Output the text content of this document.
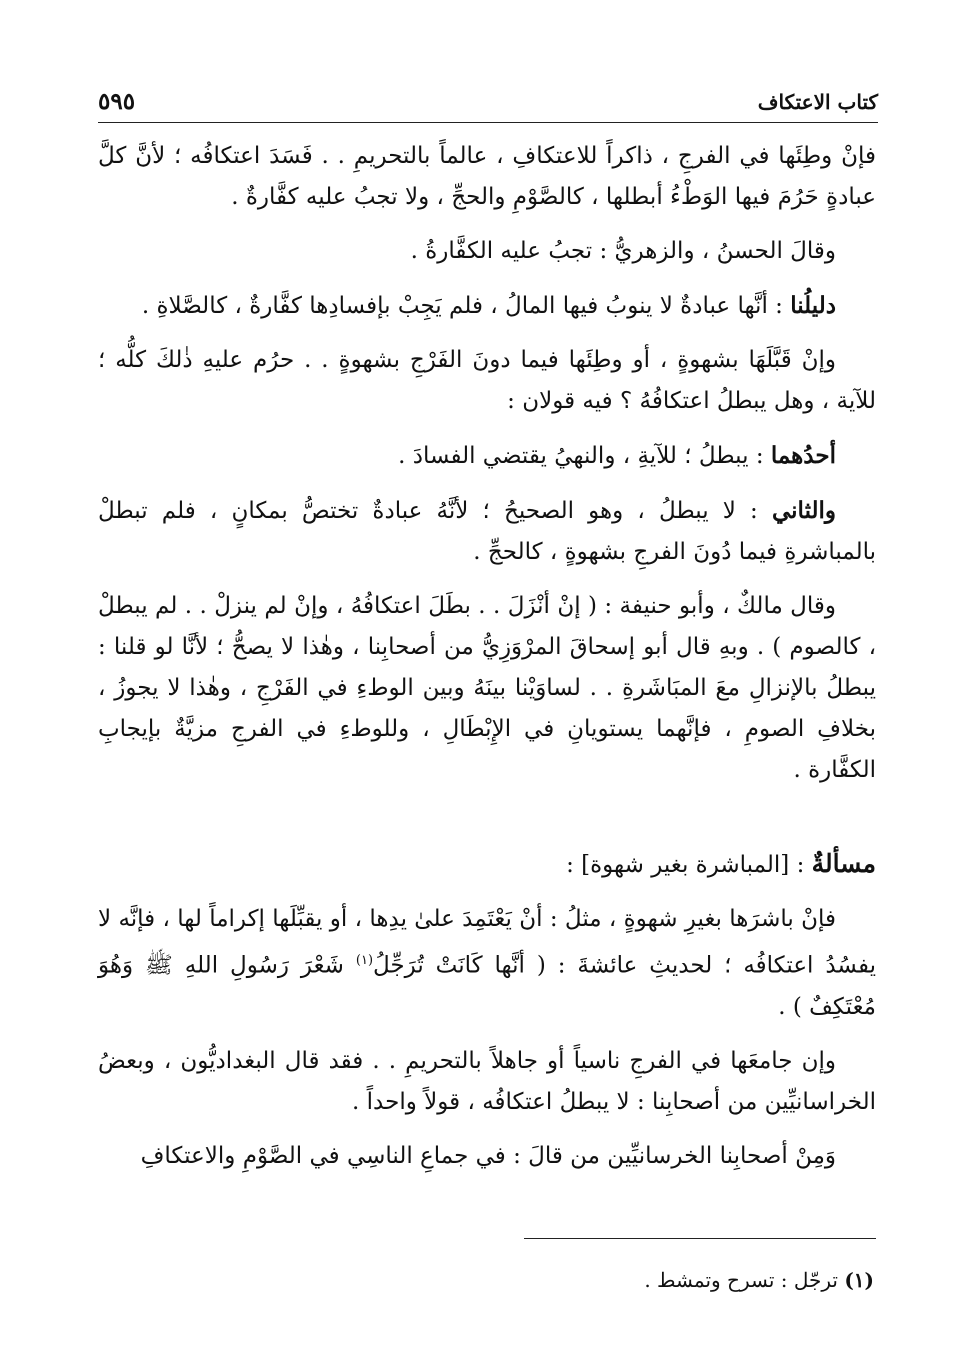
كتاب الاعتكاف
٥٩٥

فإنْ وطِئَها في الفرجِ ، ذاكراً للاعتكافِ ، عالماً بالتحريمِ . . فَسَدَ اعتكافُه ؛ لأنَّ كلَّ عبادةٍ حَرُمَ فيها الوَطْءُ أبطلها ، كالصَّوْمِ والحجِّ ، ولا تجبُ عليه كفَّارةٌ .

وقالَ الحسنُ ، والزهريُّ : تجبُ عليه الكفَّارةُ .

دليلُنا : أنَّها عبادةٌ لا ينوبُ فيها المالُ ، فلم يَجِبْ بإفسادِها كفَّارةٌ ، كالصَّلاةِ .

وإنْ قَبَّلَهَا بشهوةٍ ، أو وطِئَها فيما دونَ الفَرْجِ بشهوةٍ . . حرُم عليهِ ذٰلكَ كلُّه ؛ للآية ، وهل يبطلُ اعتكافُهُ ؟ فيه قولان :

أحدُهما : يبطلُ ؛ للآيةِ ، والنهيُ يقتضي الفسادَ .

والثاني : لا يبطلُ ، وهو الصحيحُ ؛ لأنَّهُ عبادةٌ تختصُّ بمكانٍ ، فلم تبطلْ بالمباشرةِ فيما دُونَ الفرجِ بشهوةٍ ، كالحجِّ .

وقال مالكٌ ، وأبو حنيفة : ( إنْ أنْزَلَ . . بطَلَ اعتكافُهُ ، وإنْ لم ينزلْ . . لم يبطلْ ، كالصوم ) . وبهِ قال أبو إسحاقَ المرْوَزِيُّ من أصحابِنا ، وهٰذا لا يصحُّ ؛ لأنَّا لو قلنا : يبطلُ بالإنزالِ معَ المبَاشَرةِ . . لساوَيْنا بينَهُ وبين الوطءِ في الفَرْجِ ، وهٰذا لا يجوزُ ، بخلافِ الصومِ ، فإنَّهما يستويانِ في الإِبْطَالِ ، وللوطءِ في الفرجِ مزيَّةٌ بإيجابِ الكفَّارة .

مسألةٌ : [المباشرة بغير شهوة] :

فإنْ باشرَها بغيرِ شهوةٍ ، مثلُ : أنْ يَعْتَمِدَ علىٰ يدِها ، أو يقبِّلَها إكراماً لها ، فإنَّه لا يفسُدُ اعتكافُه ؛ لحديثِ عائشةَ : ( أنَّها كَانَتْ تُرَجِّلُ$^{(١)}$ شَعْرَ رَسُولِ اللهِ ﷺ وَهُوَ مُعْتَكِفٌ ) .

وإن جامعَها في الفرجِ ناسياً أو جاهلاً بالتحريمِ . . فقد قال البغداديُّون ، وبعضُ الخراسانيِّين من أصحابِنا : لا يبطلُ اعتكافُه ، قولاً واحداً .

وَمِنْ أصحابِنا الخرسانيِّين من قالَ : في جماعِ الناسِي في الصَّوْمِ والاعتكافِ

(١) ترجّل : تسرح وتمشط .
